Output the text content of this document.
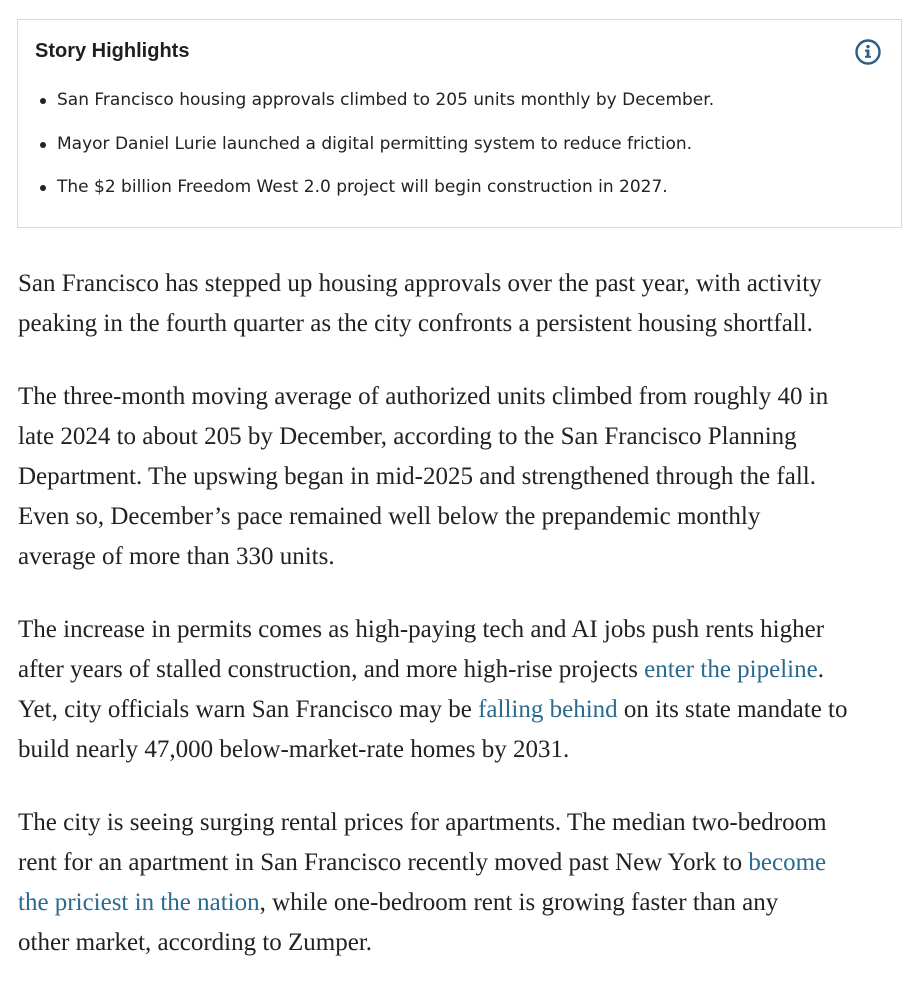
Story Highlights
San Francisco housing approvals climbed to 205 units monthly by December.
Mayor Daniel Lurie launched a digital permitting system to reduce friction.
The $2 billion Freedom West 2.0 project will begin construction in 2027.

San Francisco has stepped up housing approvals over the past year, with activity
peaking in the fourth quarter as the city confronts a persistent housing shortfall.

The three-month moving average of authorized units climbed from roughly 40 in
late 2024 to about 205 by December, according to the San Francisco Planning
Department. The upswing began in mid-2025 and strengthened through the fall.
Even so, December’s pace remained well below the prepandemic monthly
average of more than 330 units.

The increase in permits comes as high-paying tech and AI jobs push rents higher
after years of stalled construction, and more high-rise projects enter the pipeline.
Yet, city officials warn San Francisco may be falling behind on its state mandate to
build nearly 47,000 below-market-rate homes by 2031.

The city is seeing surging rental prices for apartments. The median two-bedroom
rent for an apartment in San Francisco recently moved past New York to become
the priciest in the nation, while one-bedroom rent is growing faster than any
other market, according to Zumper.
